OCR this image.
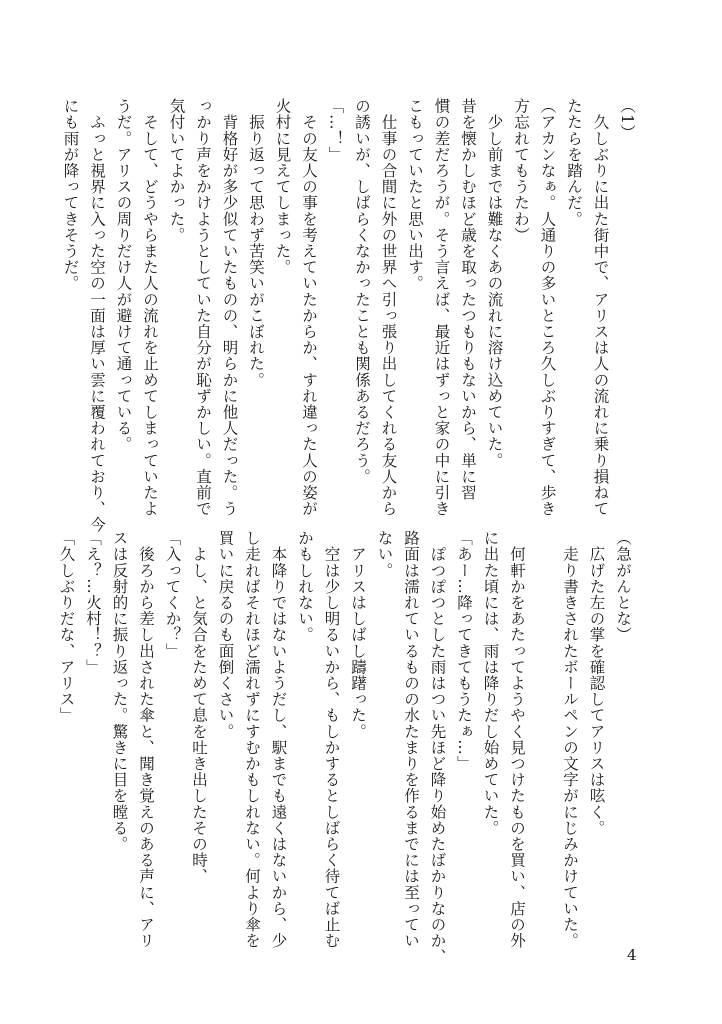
（1）
　久しぶりに出た街中で、アリスは人の流れに乗り損ねて
たたらを踏んだ。
（アカンなぁ。人通りの多いところ久しぶりすぎて、歩き
方忘れてもうたわ）
　少し前までは難なくあの流れに溶け込めていた。
昔を懐かしむほど歳を取ったつもりもないから、単に習
慣の差だろうが。そう言えば、最近はずっと家の中に引き
こもっていたと思い出す。
　仕事の合間に外の世界へ引っ張り出してくれる友人から
の誘いが、しばらくなかったことも関係あるだろう。
「…！」
　その友人の事を考えていたからか、すれ違った人の姿が
火村に見えてしまった。
　振り返って思わず苦笑いがこぼれた。
　背格好が多少似ていたものの、明らかに他人だった。う
っかり声をかけようとしていた自分が恥ずかしい。直前で
気付いてよかった。
　そして、どうやらまた人の流れを止めてしまっていたよ
うだ。アリスの周りだけ人が避けて通っている。
　ふっと視界に入った空の一面は厚い雲に覆われており、今
にも雨が降ってきそうだ。
（急がんとな）
　広げた左の掌を確認してアリスは呟く。
　走り書きされたボールペンの文字がにじみかけていた。

　何軒かをあたってようやく見つけたものを買い、店の外
に出た頃には、雨は降りだし始めていた。
「あー…降ってきてもうたぁ…」
　ぽつぽつとした雨はつい先ほど降り始めたばかりなのか、
路面は濡れているものの水たまりを作るまでには至ってい
ない。
　アリスはしばし躊躇った。
　空は少し明るいから、もしかするとしばらく待てば止む
かもしれない。
　本降りではないようだし、駅までも遠くはないから、少
し走ればそれほど濡れずにすむかもしれない。何より傘を
買いに戻るのも面倒くさい。
　よし、と気合をためて息を吐き出したその時、
「入ってくか？」
　後ろから差し出された傘と、聞き覚えのある声に、アリ
スは反射的に振り返った。驚きに目を瞠る。
「え？…火村！？」
「久しぶりだな、アリス」
4
